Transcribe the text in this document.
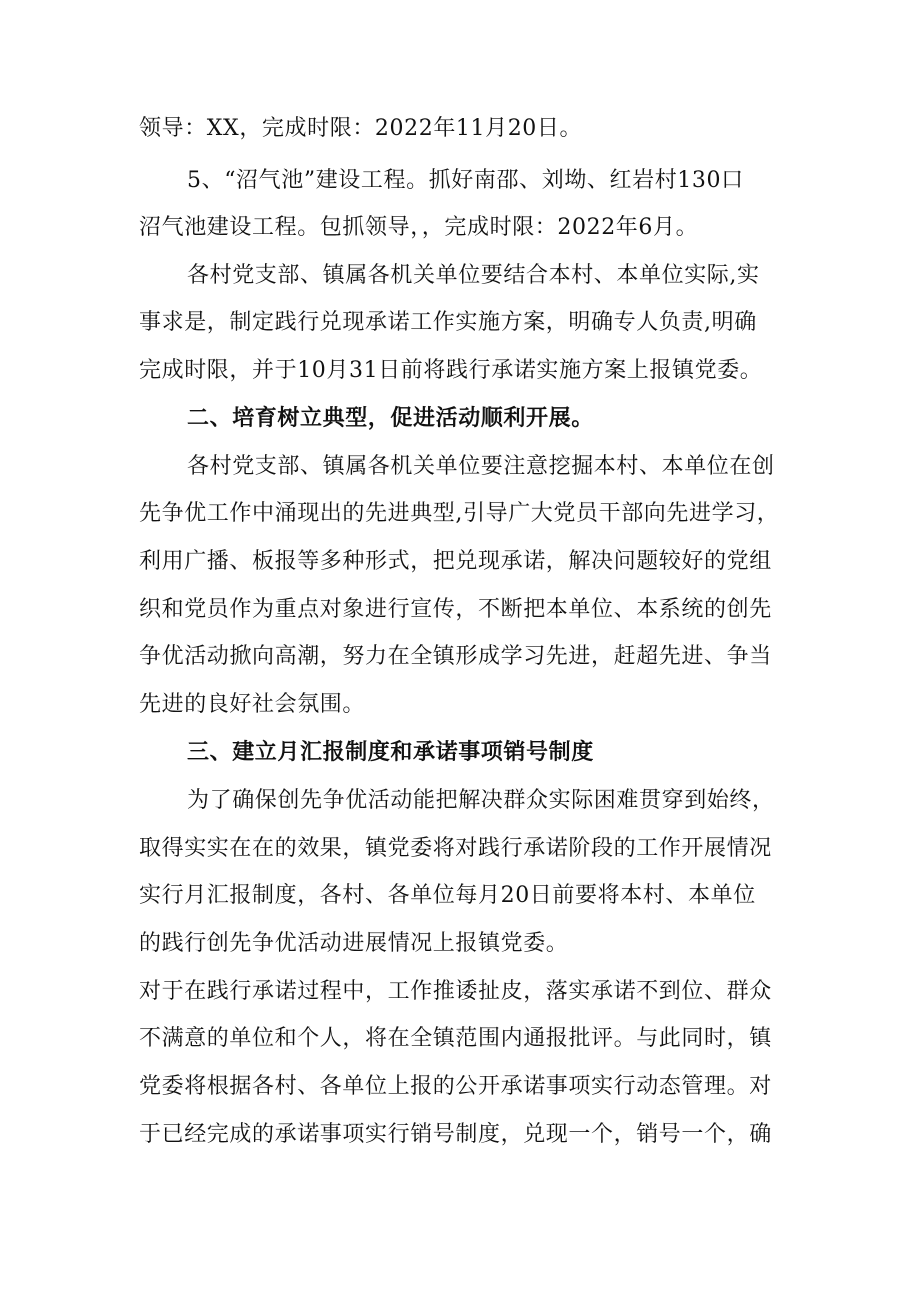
领导：XX，完成时限：2022年11月20日。
5、“沼气池”建设工程。抓好南邵、刘坳、红岩村130口
沼气池建设工程。包抓领导，，完成时限：2022年6月。
各村党支部、镇属各机关单位要结合本村、本单位实际,实
事求是，制定践行兑现承诺工作实施方案，明确专人负责,明确
完成时限，并于10月31日前将践行承诺实施方案上报镇党委。
二、培育树立典型，促进活动顺利开展。
各村党支部、镇属各机关单位要注意挖掘本村、本单位在创
先争优工作中涌现出的先进典型,引导广大党员干部向先进学习，
利用广播、板报等多种形式，把兑现承诺，解决问题较好的党组
织和党员作为重点对象进行宣传，不断把本单位、本系统的创先
争优活动掀向高潮，努力在全镇形成学习先进，赶超先进、争当
先进的良好社会氛围。
三、建立月汇报制度和承诺事项销号制度
为了确保创先争优活动能把解决群众实际困难贯穿到始终，
取得实实在在的效果，镇党委将对践行承诺阶段的工作开展情况
实行月汇报制度，各村、各单位每月20日前要将本村、本单位
的践行创先争优活动进展情况上报镇党委。
对于在践行承诺过程中，工作推诿扯皮，落实承诺不到位、群众
不满意的单位和个人，将在全镇范围内通报批评。与此同时，镇
党委将根据各村、各单位上报的公开承诺事项实行动态管理。对
于已经完成的承诺事项实行销号制度，兑现一个，销号一个，确
